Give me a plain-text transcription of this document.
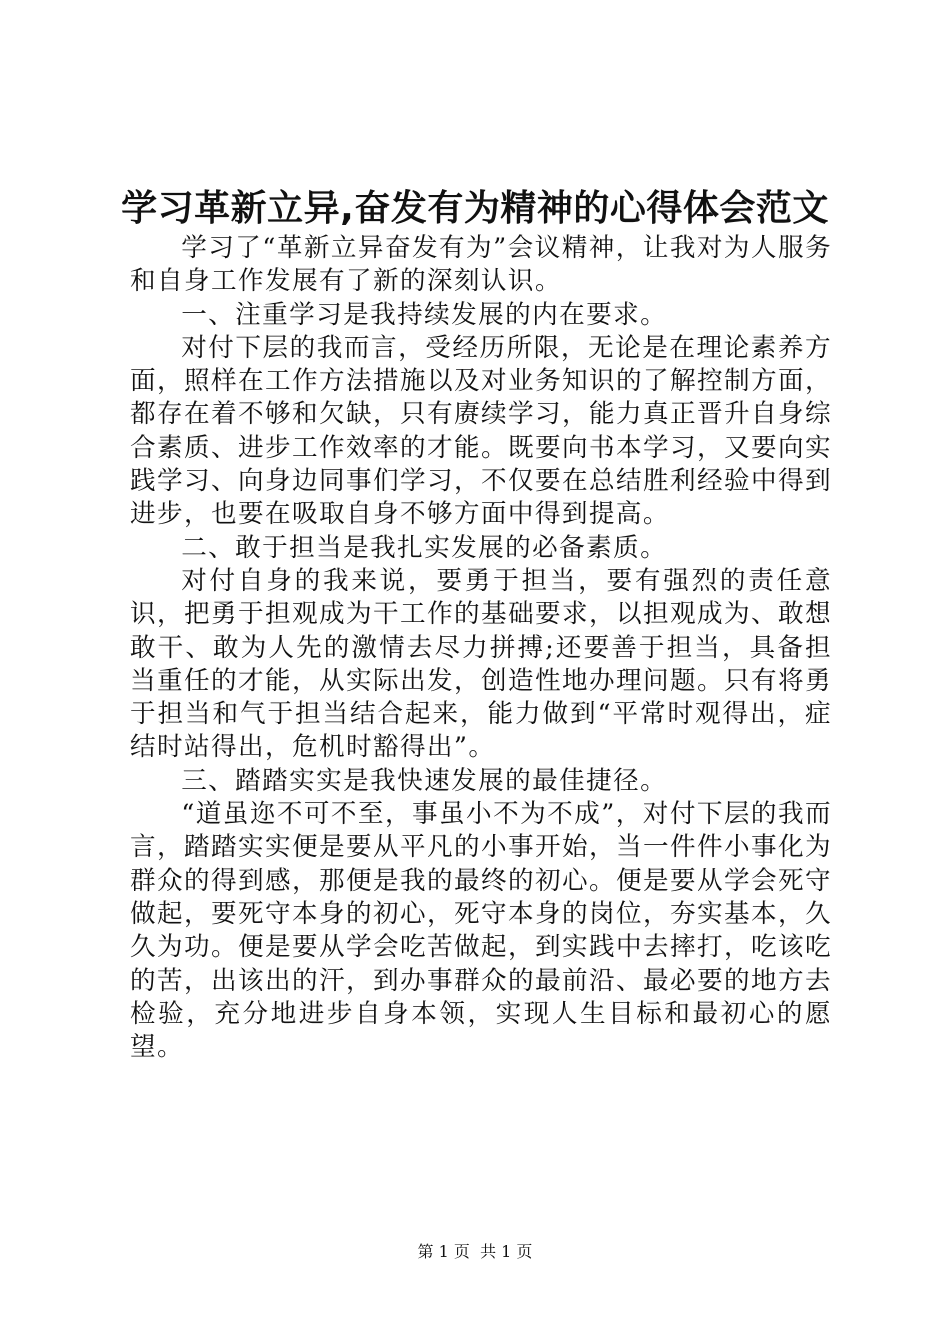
学习革新立异,奋发有为精神的心得体会范文

学习了“革新立异奋发有为”会议精神，让我对为人服务和自身工作发展有了新的深刻认识。

一、注重学习是我持续发展的内在要求。

对付下层的我而言，受经历所限，无论是在理论素养方面，照样在工作方法措施以及对业务知识的了解控制方面，都存在着不够和欠缺，只有赓续学习，能力真正晋升自身综合素质、进步工作效率的才能。既要向书本学习，又要向实践学习、向身边同事们学习，不仅要在总结胜利经验中得到进步，也要在吸取自身不够方面中得到提高。

二、敢于担当是我扎实发展的必备素质。

对付自身的我来说，要勇于担当，要有强烈的责任意识，把勇于担观成为干工作的基础要求，以担观成为、敢想敢干、敢为人先的激情去尽力拼搏;还要善于担当，具备担当重任的才能，从实际出发，创造性地办理问题。只有将勇于担当和气于担当结合起来，能力做到“平常时观得出，症结时站得出，危机时豁得出”。

三、踏踏实实是我快速发展的最佳捷径。

“道虽迩不可不至，事虽小不为不成”，对付下层的我而言，踏踏实实便是要从平凡的小事开始，当一件件小事化为群众的得到感，那便是我的最终的初心。便是要从学会死守做起，要死守本身的初心，死守本身的岗位，夯实基本，久久为功。便是要从学会吃苦做起，到实践中去摔打，吃该吃的苦，出该出的汗，到办事群众的最前沿、最必要的地方去检验，充分地进步自身本领，实现人生目标和最初心的愿望。

第 1 页  共 1 页
